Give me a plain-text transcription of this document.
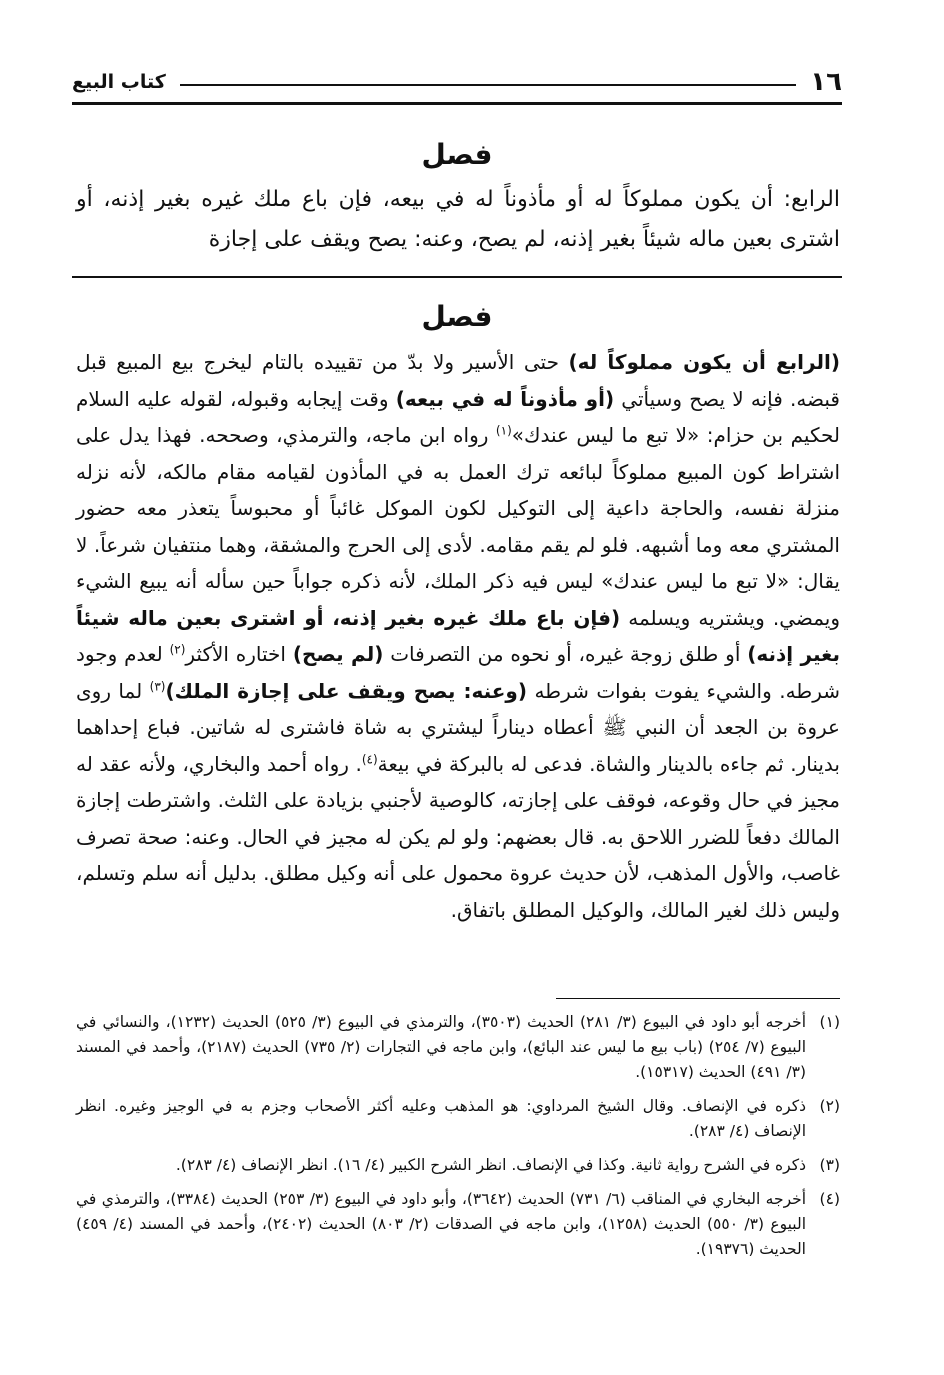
١٦
كتاب البيع
فصل

الرابع: أن يكون مملوكاً له أو مأذوناً له في بيعه، فإن باع ملك غيره بغير إذنه، أو اشترى بعين ماله شيئاً بغير إذنه، لم يصح، وعنه: يصح ويقف على إجازة

فصل

(الرابع أن يكون مملوكاً له) حتى الأسير ولا بدّ من تقييده بالتام ليخرج بيع المبيع قبل قبضه. فإنه لا يصح وسيأتي (أو مأذوناً له في بيعه) وقت إيجابه وقبوله، لقوله عليه السلام لحكيم بن حزام: «لا تبع ما ليس عندك»$^{(١)}$ رواه ابن ماجه، والترمذي، وصححه. فهذا يدل على اشتراط كون المبيع مملوكاً لبائعه ترك العمل به في المأذون لقيامه مقام مالكه، لأنه نزله منزلة نفسه، والحاجة داعية إلى التوكيل لكون الموكل غائباً أو محبوساً يتعذر معه حضور المشتري معه وما أشبهه. فلو لم يقم مقامه. لأدى إلى الحرج والمشقة، وهما منتفيان شرعاً. لا يقال: «لا تبع ما ليس عندك» ليس فيه ذكر الملك، لأنه ذكره جواباً حين سأله أنه يبيع الشيء ويمضي. ويشتريه ويسلمه (فإن باع ملك غيره بغير إذنه، أو اشترى بعين ماله شيئاً بغير إذنه) أو طلق زوجة غيره، أو نحوه من التصرفات (لم يصح) اختاره الأكثر$^{(٢)}$ لعدم وجود شرطه. والشيء يفوت بفوات شرطه (وعنه: يصح ويقف على إجازة الملك)$^{(٣)}$ لما روى عروة بن الجعد أن النبي ﷺ أعطاه ديناراً ليشتري به شاة فاشترى له شاتين. فباع إحداهما بدينار. ثم جاءه بالدينار والشاة. فدعى له بالبركة في بيعة$^{(٤)}$. رواه أحمد والبخاري، ولأنه عقد له مجيز في حال وقوعه، فوقف على إجازته، كالوصية لأجنبي بزيادة على الثلث. واشترطت إجازة المالك دفعاً للضرر اللاحق به. قال بعضهم: ولو لم يكن له مجيز في الحال. وعنه: صحة تصرف غاصب، والأول المذهب، لأن حديث عروة محمول على أنه وكيل مطلق. بدليل أنه سلم وتسلم، وليس ذلك لغير المالك، والوكيل المطلق باتفاق.

(١)
أخرجه أبو داود في البيوع (٣/ ٢٨١) الحديث (٣٥٠٣)، والترمذي في البيوع (٣/ ٥٢٥) الحديث (١٢٣٢)، والنسائي في البيوع (٧/ ٢٥٤) (باب بيع ما ليس عند البائع)، وابن ماجه في التجارات (٢/ ٧٣٥) الحديث (٢١٨٧)، وأحمد في المسند (٣/ ٤٩١) الحديث (١٥٣١٧).
(٢)
ذكره في الإنصاف. وقال الشيخ المرداوي: هو المذهب وعليه أكثر الأصحاب وجزم به في الوجيز وغيره. انظر الإنصاف (٤/ ٢٨٣).
(٣)
ذكره في الشرح رواية ثانية. وكذا في الإنصاف. انظر الشرح الكبير (٤/ ١٦). انظر الإنصاف (٤/ ٢٨٣).
(٤)
أخرجه البخاري في المناقب (٦/ ٧٣١) الحديث (٣٦٤٢)، وأبو داود في البيوع (٣/ ٢٥٣) الحديث (٣٣٨٤)، والترمذي في البيوع (٣/ ٥٥٠) الحديث (١٢٥٨)، وابن ماجه في الصدقات (٢/ ٨٠٣) الحديث (٢٤٠٢)، وأحمد في المسند (٤/ ٤٥٩) الحديث (١٩٣٧٦).
